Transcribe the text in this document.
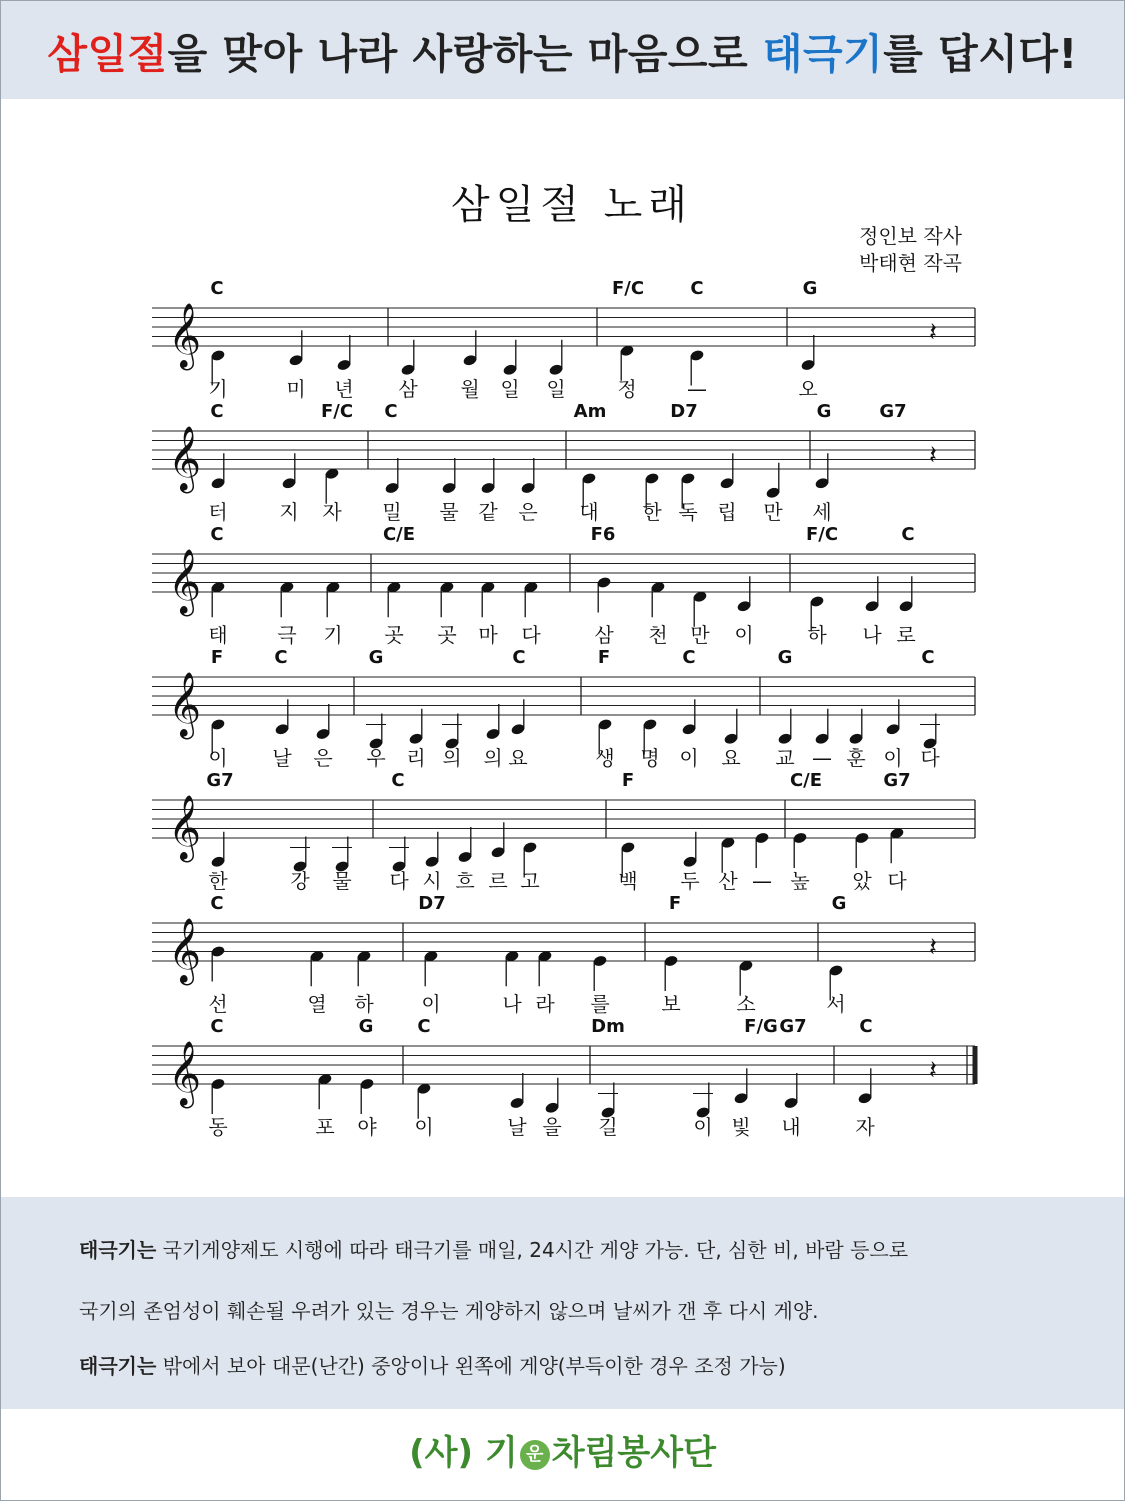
삼일절을 맞아 나라 사랑하는 마음으로 태극기를 답시다!
삼일절 노래
정인보 작사
박태현 작곡
𝄞	𝄽
C	F/C	C	G
기	미 년 삼 월 일 일	정	—	오
𝄞	𝄽
C	F/C C	Am	D7	G	G7
터	지 자 밀 물 같 은 대 한 독 립 만 세
𝄞
C	C/E	F6	F/C	C
태 극 기 곳 곳 마 다	삼 천 만 이	하 나 로
𝄞
F	C	G	C	F	C	G	C
이 날 은 우 리 의 의 요	생 명 이 요 교 — 훈 이 다
𝄞
G7	C	F	C/E	G7
한	강 물 다 시 흐 르 고	백 두 산 — 높 았 다
𝄞	𝄽
C	D7	F	G
선	열 하 이	나 라 를	보	소	서
𝄞	𝄽
C	G C	Dm	F/G G7	C
동	포 야 이	날 을 길	이 빛 내	자
태극기는 국기게양제도 시행에 따라 태극기를 매일, 24시간 게양 가능. 단, 심한 비, 바람 등으로
국기의 존엄성이 훼손될 우려가 있는 경우는 게양하지 않으며 날씨가 갠 후 다시 게양.
태극기는 밖에서 보아 대문(난간) 중앙이나 왼쪽에 게양(부득이한 경우 조정 가능)
(사) 기 운 차림봉사단
